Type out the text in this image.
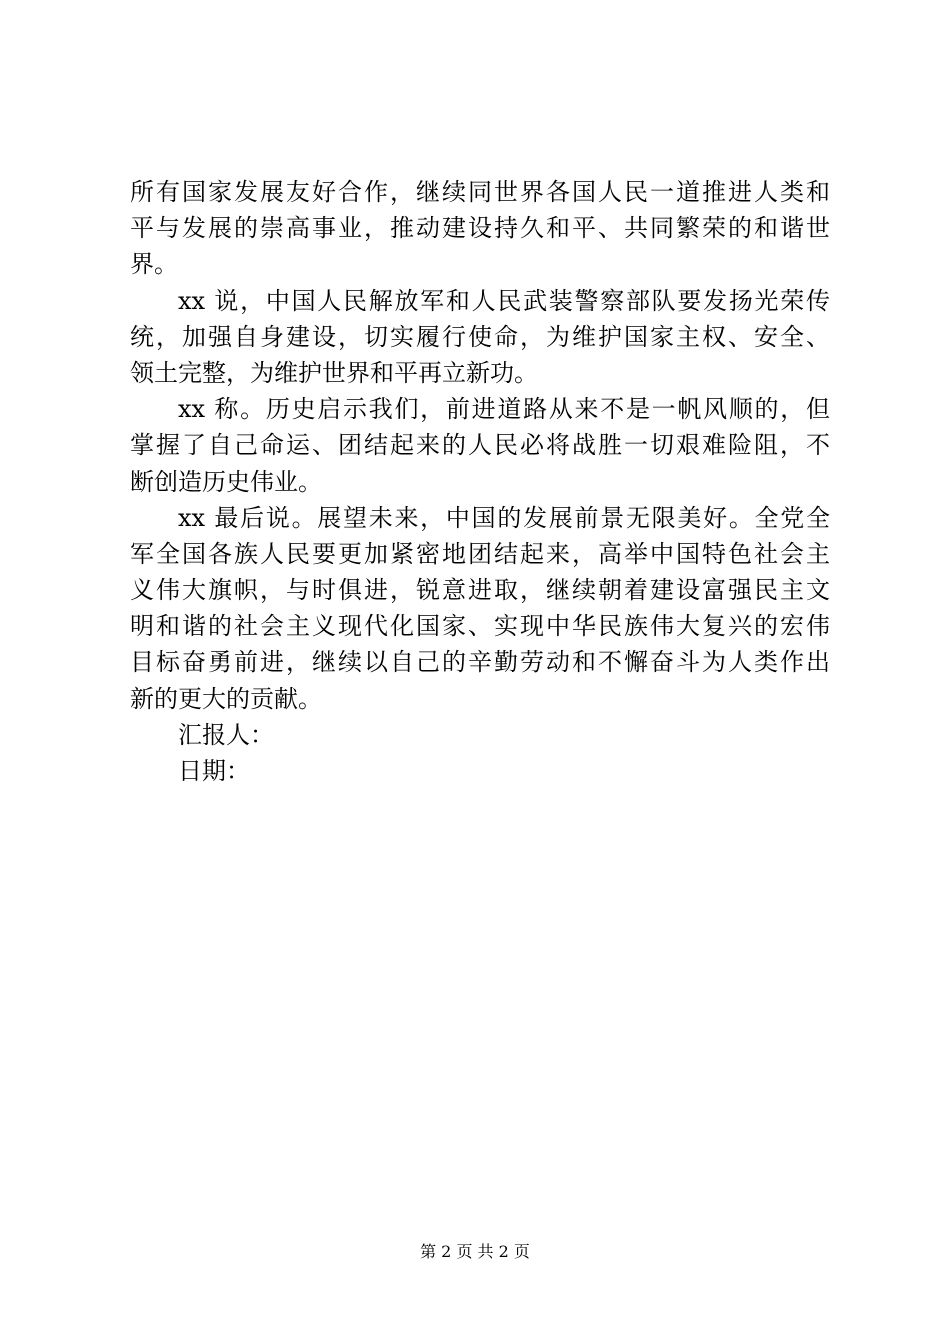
所有国家发展友好合作，继续同世界各国人民一道推进人类和
平与发展的崇高事业，推动建设持久和平、共同繁荣的和谐世
界。
xx 说，中国人民解放军和人民武装警察部队要发扬光荣传
统，加强自身建设，切实履行使命，为维护国家主权、安全、
领土完整，为维护世界和平再立新功。
xx 称。历史启示我们，前进道路从来不是一帆风顺的，但
掌握了自己命运、团结起来的人民必将战胜一切艰难险阻，不
断创造历史伟业。
xx 最后说。展望未来，中国的发展前景无限美好。全党全
军全国各族人民要更加紧密地团结起来，高举中国特色社会主
义伟大旗帜，与时俱进，锐意进取，继续朝着建设富强民主文
明和谐的社会主义现代化国家、实现中华民族伟大复兴的宏伟
目标奋勇前进，继续以自己的辛勤劳动和不懈奋斗为人类作出
新的更大的贡献。
汇报人：
日期：
第 2 页 共 2 页
